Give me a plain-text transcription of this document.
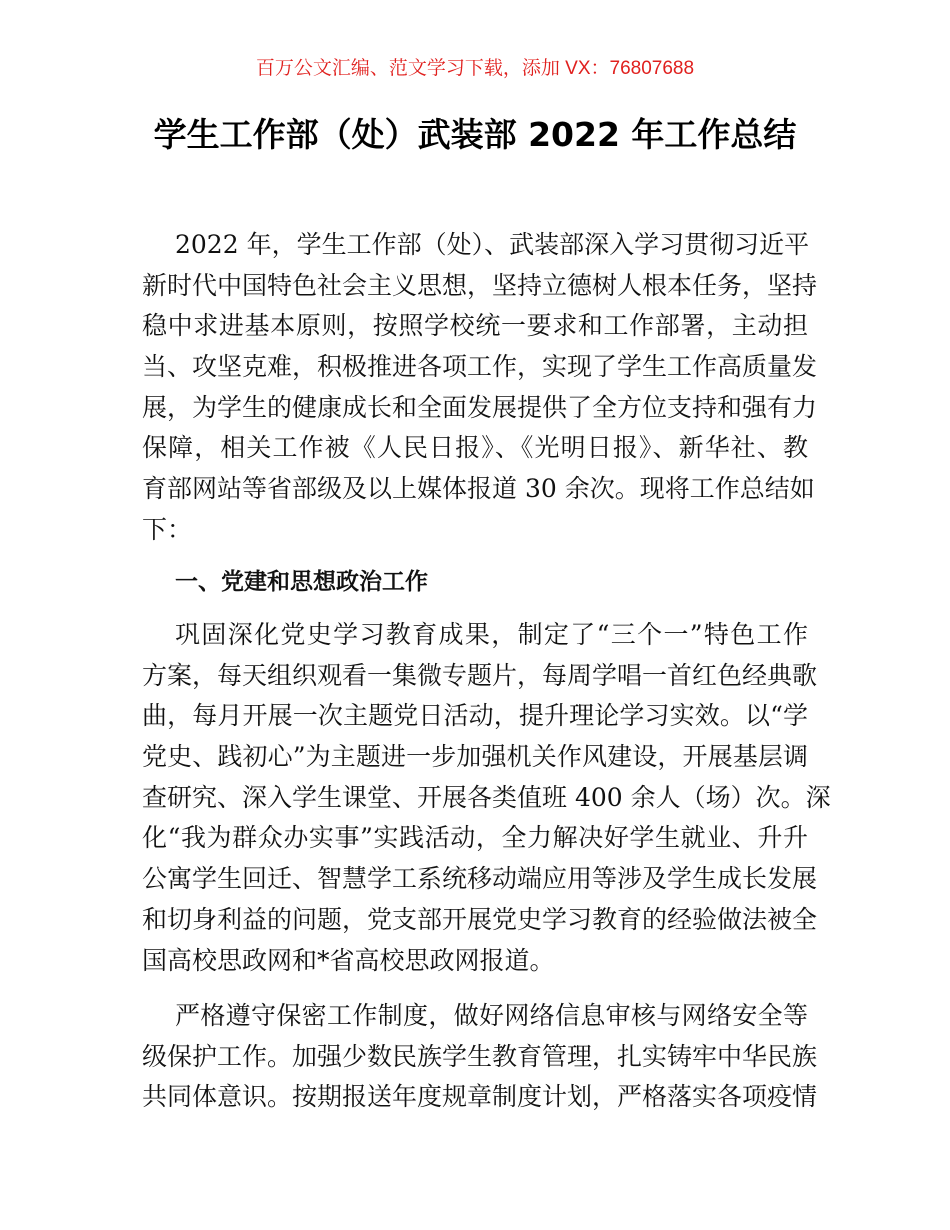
百万公文汇编、范文学习下载，添加 VX：76807688
学生工作部（处）武装部 2022 年工作总结
2022 年，学生工作部（处）、武装部深入学习贯彻习近平
新时代中国特色社会主义思想，坚持立德树人根本任务，坚持
稳中求进基本原则，按照学校统一要求和工作部署，主动担
当、攻坚克难，积极推进各项工作，实现了学生工作高质量发
展，为学生的健康成长和全面发展提供了全方位支持和强有力
保障，相关工作被《人民日报》、《光明日报》、新华社、教
育部网站等省部级及以上媒体报道 30 余次。现将工作总结如
下：
一、党建和思想政治工作
巩固深化党史学习教育成果，制定了“三个一”特色工作
方案，每天组织观看一集微专题片，每周学唱一首红色经典歌
曲，每月开展一次主题党日活动，提升理论学习实效。以“学
党史、践初心”为主题进一步加强机关作风建设，开展基层调
查研究、深入学生课堂、开展各类值班 400 余人（场）次。深
化“我为群众办实事”实践活动，全力解决好学生就业、升升
公寓学生回迁、智慧学工系统移动端应用等涉及学生成长发展
和切身利益的问题，党支部开展党史学习教育的经验做法被全
国高校思政网和*省高校思政网报道。
严格遵守保密工作制度，做好网络信息审核与网络安全等
级保护工作。加强少数民族学生教育管理，扎实铸牢中华民族
共同体意识。按期报送年度规章制度计划，严格落实各项疫情
